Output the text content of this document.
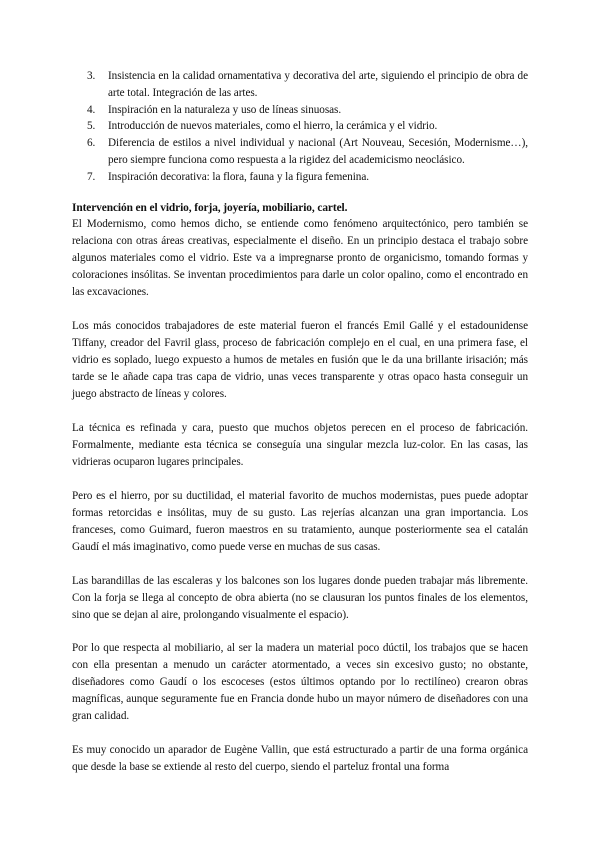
3. Insistencia en la calidad ornamentativa y decorativa del arte, siguiendo el principio de obra de arte total. Integración de las artes.
4. Inspiración en la naturaleza y uso de líneas sinuosas.
5. Introducción de nuevos materiales, como el hierro, la cerámica y el vidrio.
6. Diferencia de estilos a nivel individual y nacional (Art Nouveau, Secesión, Modernisme…), pero siempre funciona como respuesta a la rigidez del academicismo neoclásico.
7. Inspiración decorativa: la flora, fauna y la figura femenina.
Intervención en el vidrio, forja, joyería, mobiliario, cartel.

El Modernismo, como hemos dicho, se entiende como fenómeno arquitectónico, pero también se relaciona con otras áreas creativas, especialmente el diseño. En un principio destaca el trabajo sobre algunos materiales como el vidrio. Este va a impregnarse pronto de organicismo, tomando formas y coloraciones insólitas. Se inventan procedimientos para darle un color opalino, como el encontrado en las excavaciones.

Los más conocidos trabajadores de este material fueron el francés Emil Gallé y el estadounidense Tiffany, creador del Favril glass, proceso de fabricación complejo en el cual, en una primera fase, el vidrio es soplado, luego expuesto a humos de metales en fusión que le da una brillante irisación; más tarde se le añade capa tras capa de vidrio, unas veces transparente y otras opaco hasta conseguir un juego abstracto de líneas y colores.

La técnica es refinada y cara, puesto que muchos objetos perecen en el proceso de fabricación. Formalmente, mediante esta técnica se conseguía una singular mezcla luz-color. En las casas, las vidrieras ocuparon lugares principales.

Pero es el hierro, por su ductilidad, el material favorito de muchos modernistas, pues puede adoptar formas retorcidas e insólitas, muy de su gusto. Las rejerías alcanzan una gran importancia. Los franceses, como Guimard, fueron maestros en su tratamiento, aunque posteriormente sea el catalán Gaudí el más imaginativo, como puede verse en muchas de sus casas.

Las barandillas de las escaleras y los balcones son los lugares donde pueden trabajar más libremente. Con la forja se llega al concepto de obra abierta (no se clausuran los puntos finales de los elementos, sino que se dejan al aire, prolongando visualmente el espacio).

Por lo que respecta al mobiliario, al ser la madera un material poco dúctil, los trabajos que se hacen con ella presentan a menudo un carácter atormentado, a veces sin excesivo gusto; no obstante, diseñadores como Gaudí o los escoceses (estos últimos optando por lo rectilíneo) crearon obras magníficas, aunque seguramente fue en Francia donde hubo un mayor número de diseñadores con una gran calidad.

Es muy conocido un aparador de Eugène Vallin, que está estructurado a partir de una forma orgánica que desde la base se extiende al resto del cuerpo, siendo el parteluz frontal una forma
